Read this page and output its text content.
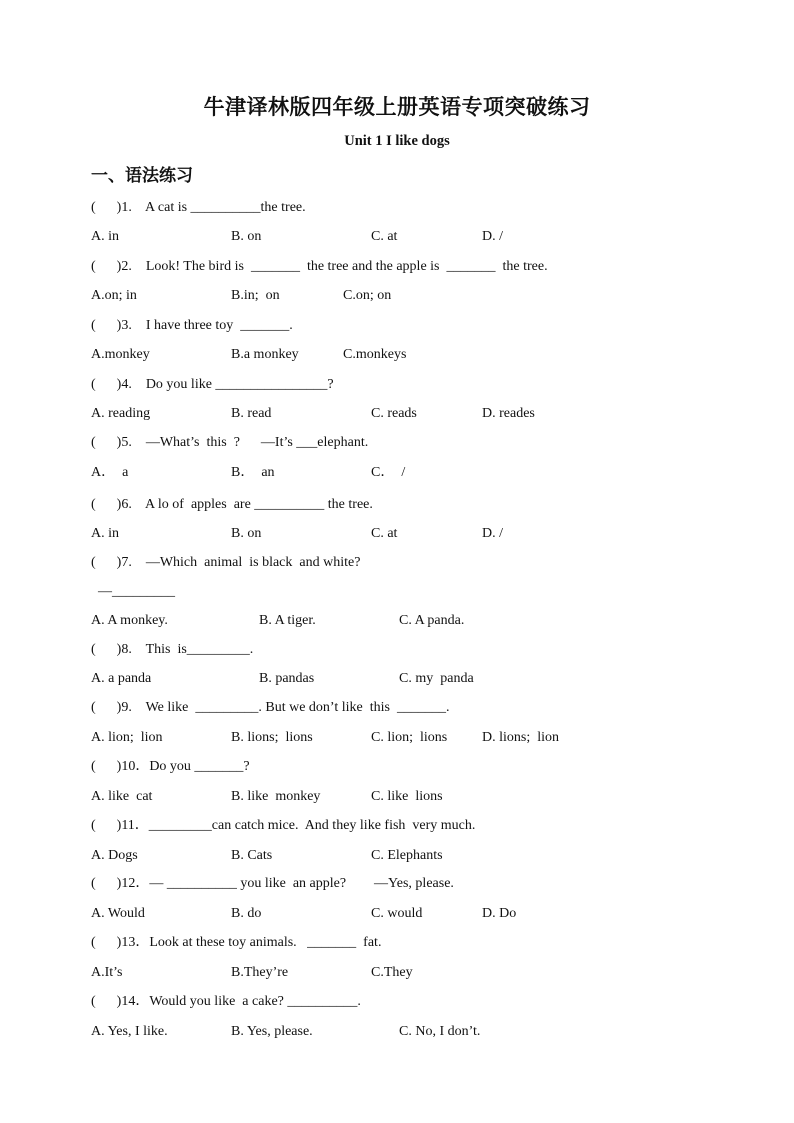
牛津译林版四年级上册英语专项突破练习
Unit 1 I like dogs
一、语法练习
(      )1.    A cat is __________the tree.
A. in	B. on	C. at	D. /
(      )2.    Look! The bird is  _______  the tree and the apple is  _______  the tree.
A.on; in	B.in;  on	C.on; on
(      )3.    I have three toy  _______.
A.monkey	B.a monkey	C.monkeys
(      )4.    Do you like ________________?
A. reading	B. read	C. reads	D. reades
(      )5.    —What’s  this  ?      —It’s ___elephant.
A．  a	B．  an	C．  /
(      )6.    A lo of  apples  are __________ the tree.
A. in	B. on	C. at	D. /
(      )7.    —Which  animal  is black  and white?
—_________
A. A monkey.	B. A tiger.	C. A panda.
(      )8.    This  is_________.
A. a panda	B. pandas	C. my  panda
(      )9.    We like  _________. But we don’t like  this  _______.
A. lion;  lion	B. lions;  lions	C. lion;  lions D. lions;  lion
(      )10．Do you _______?
A. like  cat	B. like  monkey	C. like  lions
(      )11．_________can catch mice.  And they like fish  very much.
A. Dogs	B. Cats	C. Elephants
(      )12．— __________ you like  an apple?        —Yes, please.
A. Would	B. do	C. would	D. Do
(      )13．Look at these toy animals.   _______  fat.
A.It’s	B.They’re	C.They
(      )14．Would you like  a cake? __________.
A. Yes, I like.	B. Yes, please.	C. No, I don’t.
